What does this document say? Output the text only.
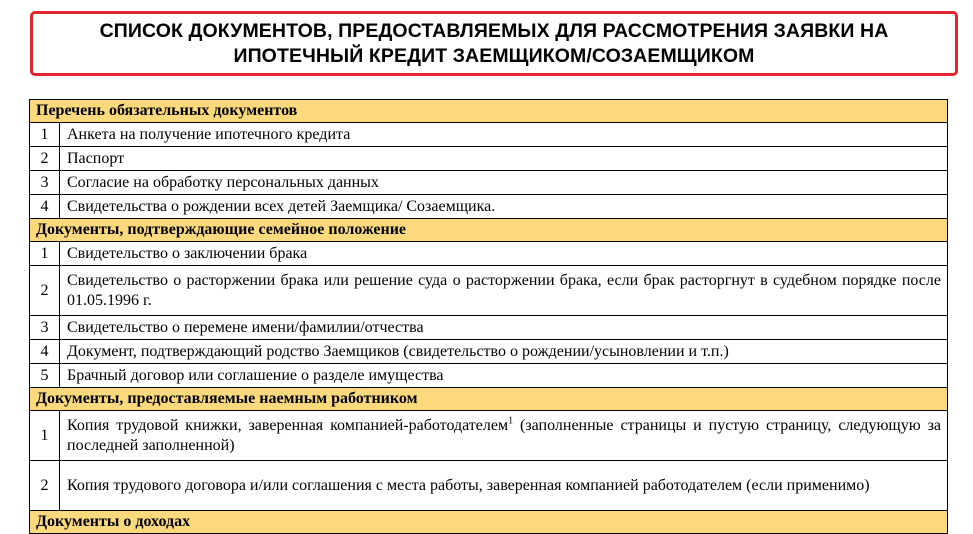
СПИСОК ДОКУМЕНТОВ, ПРЕДОСТАВЛЯЕМЫХ ДЛЯ РАССМОТРЕНИЯ ЗАЯВКИ НА
ИПОТЕЧНЫЙ КРЕДИТ ЗАЕМЩИКОМ/СОЗАЕМЩИКОМ
Перечень обязательных документов	
1	Анкета на получение ипотечного кредита
2	Паспорт
3	Согласие на обработку персональных данных
4	Свидетельства о рождении всех детей Заемщика/ Созаемщика.
Документы, подтверждающие семейное положение	
1	Свидетельство о заключении брака
2	Свидетельство о расторжении брака или решение суда о расторжении брака, если брак расторгнут в судебном порядке после 01.05.1996 г.
3	Свидетельство о перемене имени/фамилии/отчества
4	Документ, подтверждающий родство Заемщиков (свидетельство о рождении/усыновлении и т.п.)
5	Брачный договор или соглашение о разделе имущества
Документы, предоставляемые наемным работником	
1	Копия трудовой книжки, заверенная компанией-работодателем$^1$ (заполненные страницы и пустую страницу, следующую за последней заполненной)
2	Копия трудового договора и/или соглашения с места работы, заверенная компанией работодателем (если применимо)
Документы о доходах	
